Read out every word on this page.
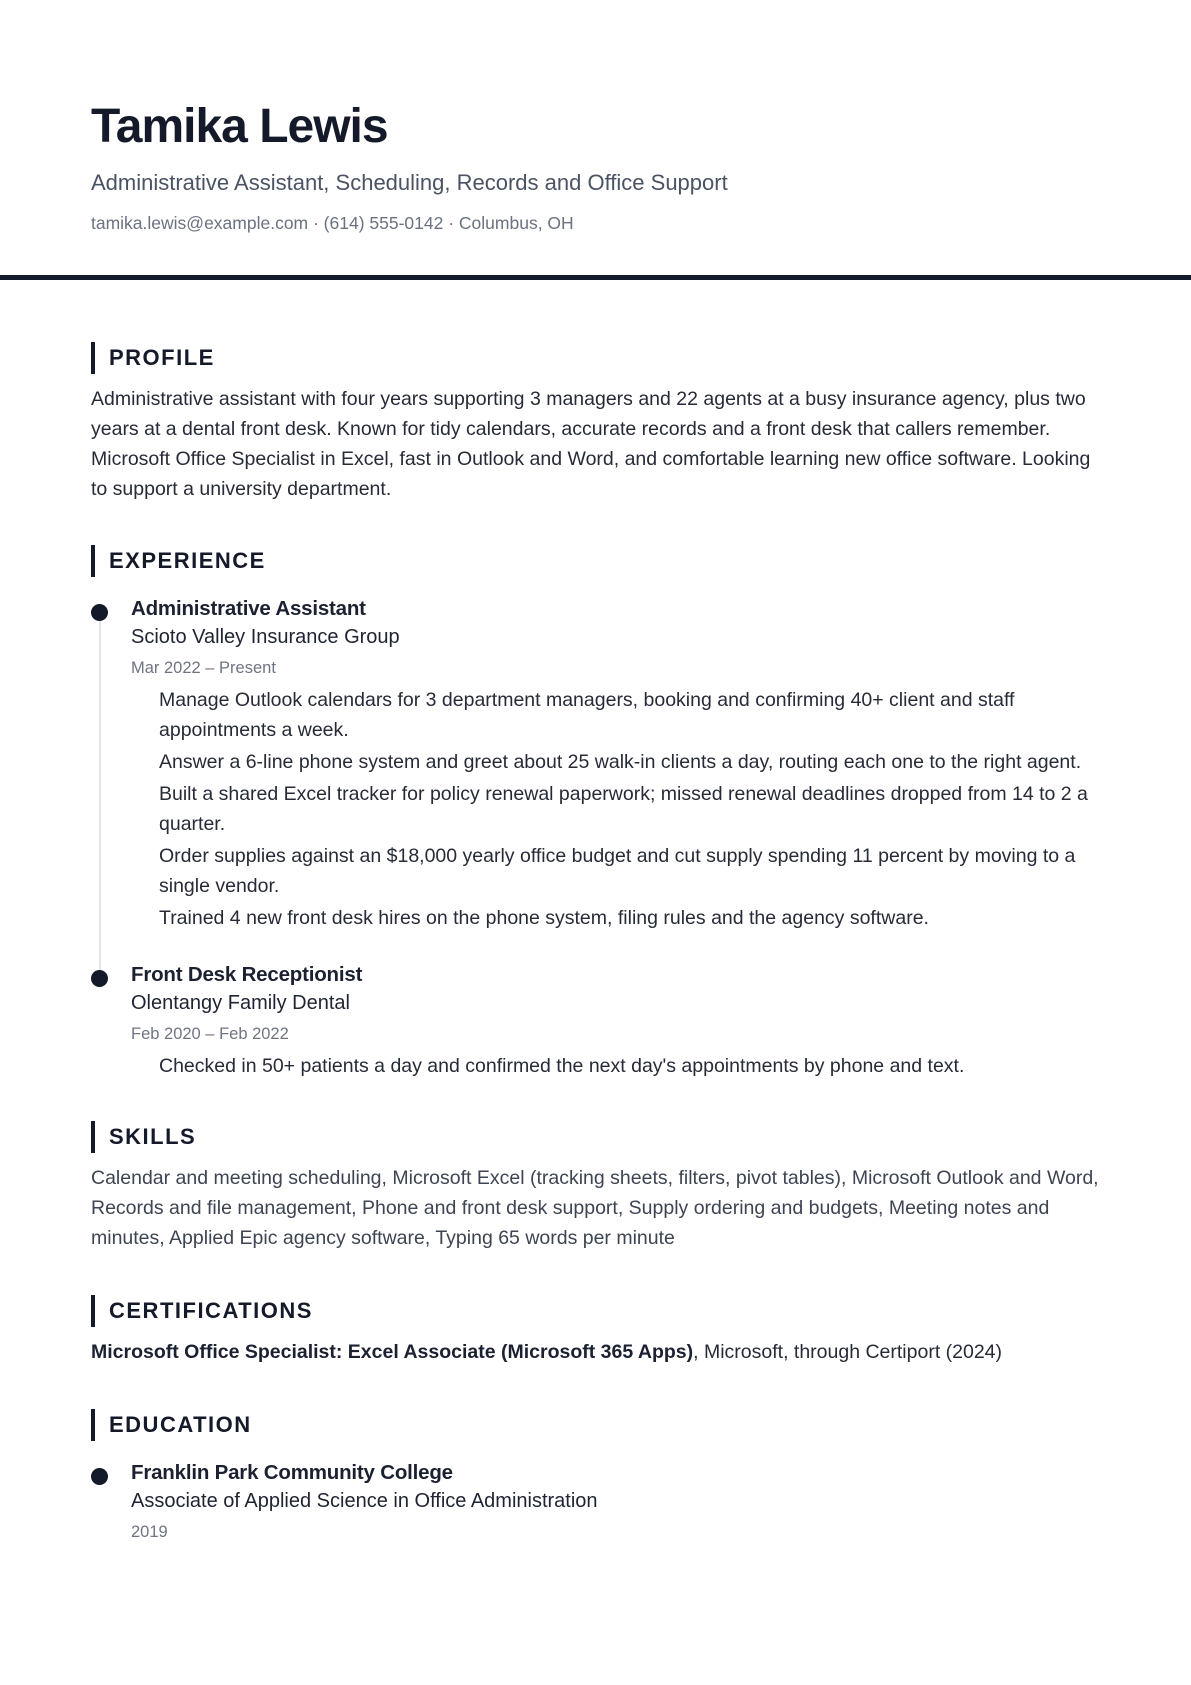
Tamika Lewis
Administrative Assistant, Scheduling, Records and Office Support
tamika.lewis@example.com · (614) 555-0142 · Columbus, OH
PROFILE

Administrative assistant with four years supporting 3 managers and 22 agents at a busy insurance agency, plus two years at a dental front desk. Known for tidy calendars, accurate records and a front desk that callers remember. Microsoft Office Specialist in Excel, fast in Outlook and Word, and comfortable learning new office software. Looking to support a university department.

EXPERIENCE
Administrative Assistant
Scioto Valley Insurance Group
Mar 2022 – Present
Manage Outlook calendars for 3 department managers, booking and confirming 40+ client and staff appointments a week.
Answer a 6-line phone system and greet about 25 walk-in clients a day, routing each one to the right agent.
Built a shared Excel tracker for policy renewal paperwork; missed renewal deadlines dropped from 14 to 2 a quarter.
Order supplies against an $18,000 yearly office budget and cut supply spending 11 percent by moving to a single vendor.
Trained 4 new front desk hires on the phone system, filing rules and the agency software.
Front Desk Receptionist
Olentangy Family Dental
Feb 2020 – Feb 2022
Checked in 50+ patients a day and confirmed the next day's appointments by phone and text.
SKILLS

Calendar and meeting scheduling, Microsoft Excel (tracking sheets, filters, pivot tables), Microsoft Outlook and Word, Records and file management, Phone and front desk support, Supply ordering and budgets, Meeting notes and minutes, Applied Epic agency software, Typing 65 words per minute

CERTIFICATIONS

Microsoft Office Specialist: Excel Associate (Microsoft 365 Apps), Microsoft, through Certiport (2024)

EDUCATION
Franklin Park Community College
Associate of Applied Science in Office Administration
2019
